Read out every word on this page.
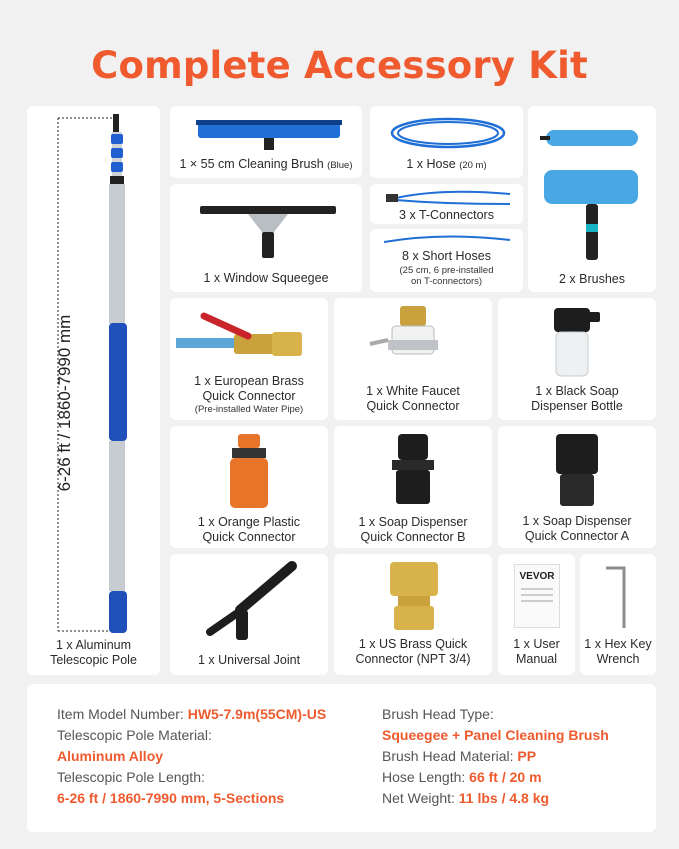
Complete Accessory Kit
6-26 ft / 1860-7990 mm
1 x Aluminum
Telescopic Pole
1 × 55 cm Cleaning Brush (Blue)	1 x Hose (20 m)
3 x T-Connectors
8 x Short Hoses
(25 cm, 6 pre-installed
on T-connectors)
1 x Window Squeegee	2 x Brushes
1 x European Brass
Quick Connector
(Pre-installed Water Pipe)
1 x White Faucet
Quick Connector
1 x Black Soap
Dispenser Bottle
1 x Orange Plastic
Quick Connector
1 x Soap Dispenser
Quick Connector B
1 x Soap Dispenser
Quick Connector A
1 x Universal Joint
1 x US Brass Quick
Connector (NPT 3/4)
VEVOR
1 x User
Manual
1 x Hex Key
Wrench
Item Model Number: HW5-7.9m(55CM)-US
Telescopic Pole Material:
Aluminum Alloy
Telescopic Pole Length:
6-26 ft / 1860-7990 mm, 5-Sections
Brush Head Type:
Squeegee + Panel Cleaning Brush
Brush Head Material: PP
Hose Length: 66 ft / 20 m
Net Weight: 11 lbs / 4.8 kg
